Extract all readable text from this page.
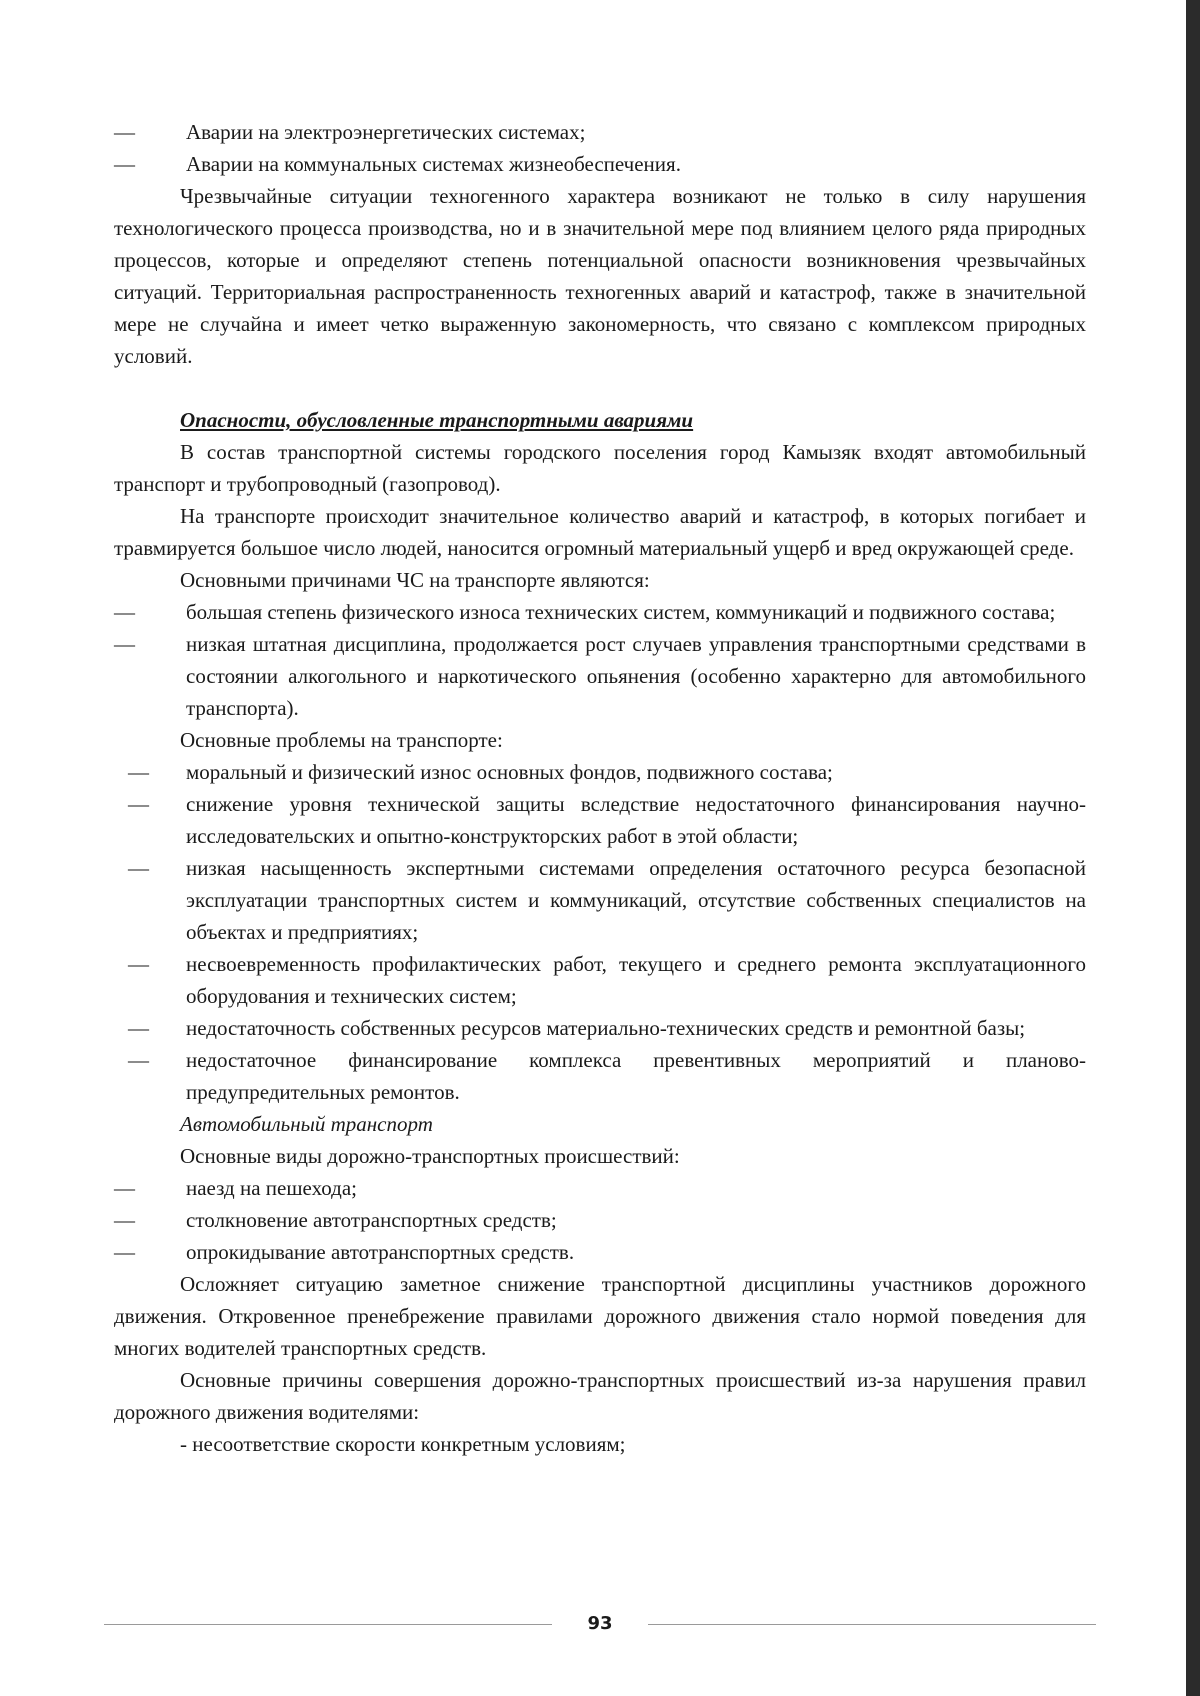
— Аварии на электроэнергетических системах;
— Аварии на коммунальных системах жизнеобеспечения.
Чрезвычайные ситуации техногенного характера возникают не только в силу нарушения технологического процесса производства, но и в значительной мере под влиянием целого ряда природных процессов, которые и определяют степень потенциальной опасности возникновения чрезвычайных ситуаций. Территориальная распространенность техногенных аварий и катастроф, также в значительной мере не случайна и имеет четко выраженную закономерность, что связано с комплексом природных условий.
Опасности, обусловленные транспортными авариями
В состав транспортной системы городского поселения город Камызяк входят автомобильный транспорт и трубопроводный (газопровод).
На транспорте происходит значительное количество аварий и катастроф, в которых погибает и травмируется большое число людей, наносится огромный материальный ущерб и вред окружающей среде.
Основными причинами ЧС на транспорте являются:
— большая степень физического износа технических систем, коммуникаций и подвижного состава;
— низкая штатная дисциплина, продолжается рост случаев управления транспортными средствами в состоянии алкогольного и наркотического опьянения (особенно характерно для автомобильного транспорта).
Основные проблемы на транспорте:
— моральный и физический износ основных фондов, подвижного состава;
— снижение уровня технической защиты вследствие недостаточного финансирования научно-исследовательских и опытно-конструкторских работ в этой области;
— низкая насыщенность экспертными системами определения остаточного ресурса безопасной эксплуатации транспортных систем и коммуникаций, отсутствие собственных специалистов на объектах и предприятиях;
— несвоевременность профилактических работ, текущего и среднего ремонта эксплуатационного оборудования и технических систем;
— недостаточность собственных ресурсов материально-технических средств и ремонтной базы;
— недостаточное финансирование комплекса превентивных мероприятий и планово-предупредительных ремонтов.
Автомобильный транспорт
Основные виды дорожно-транспортных происшествий:
— наезд на пешехода;
— столкновение автотранспортных средств;
— опрокидывание автотранспортных средств.
Осложняет ситуацию заметное снижение транспортной дисциплины участников дорожного движения. Откровенное пренебрежение правилами дорожного движения стало нормой поведения для многих водителей транспортных средств.
Основные причины совершения дорожно-транспортных происшествий из-за нарушения правил дорожного движения водителями:
- несоответствие скорости конкретным условиям;
93
